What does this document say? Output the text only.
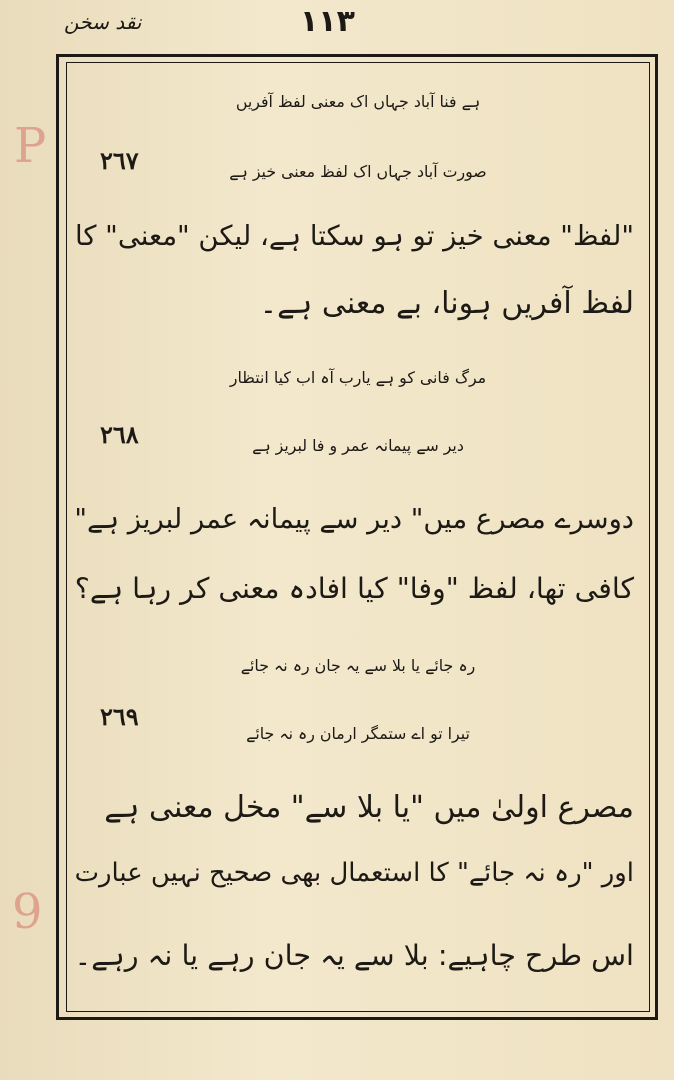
نقد سخن	۱۱۳
P
9
ہے فنا آباد جہاں اک معنی لفظ آفریں
۲٦٧	صورت آباد جہاں اک لفظ معنی خیز ہے
"لفظ" معنی خیز تو ہو سکتا ہے، لیکن "معنی" کا
لفظ آفریں ہونا، بے معنی ہے۔
مرگ فانی کو ہے یارب آہ اب کیا انتظار
۲٦۸	دیر سے پیمانہ عمر و فا لبریز ہے
دوسرے مصرع میں" دیر سے پیمانہ عمر لبریز ہے"
کافی تھا، لفظ "وفا" کیا افادہ معنی کر رہا ہے؟
رہ جائے یا بلا سے یہ جان رہ نہ جائے
۲٦۹
تیرا تو اے ستمگر ارمان رہ نہ جائے
مصرع اولیٰ میں "یا بلا سے" مخل معنی ہے
اور "رہ نہ جائے" کا استعمال بھی صحیح نہیں عبارت
اس طرح چاہیے: بلا سے یہ جان رہے یا نہ رہے۔
